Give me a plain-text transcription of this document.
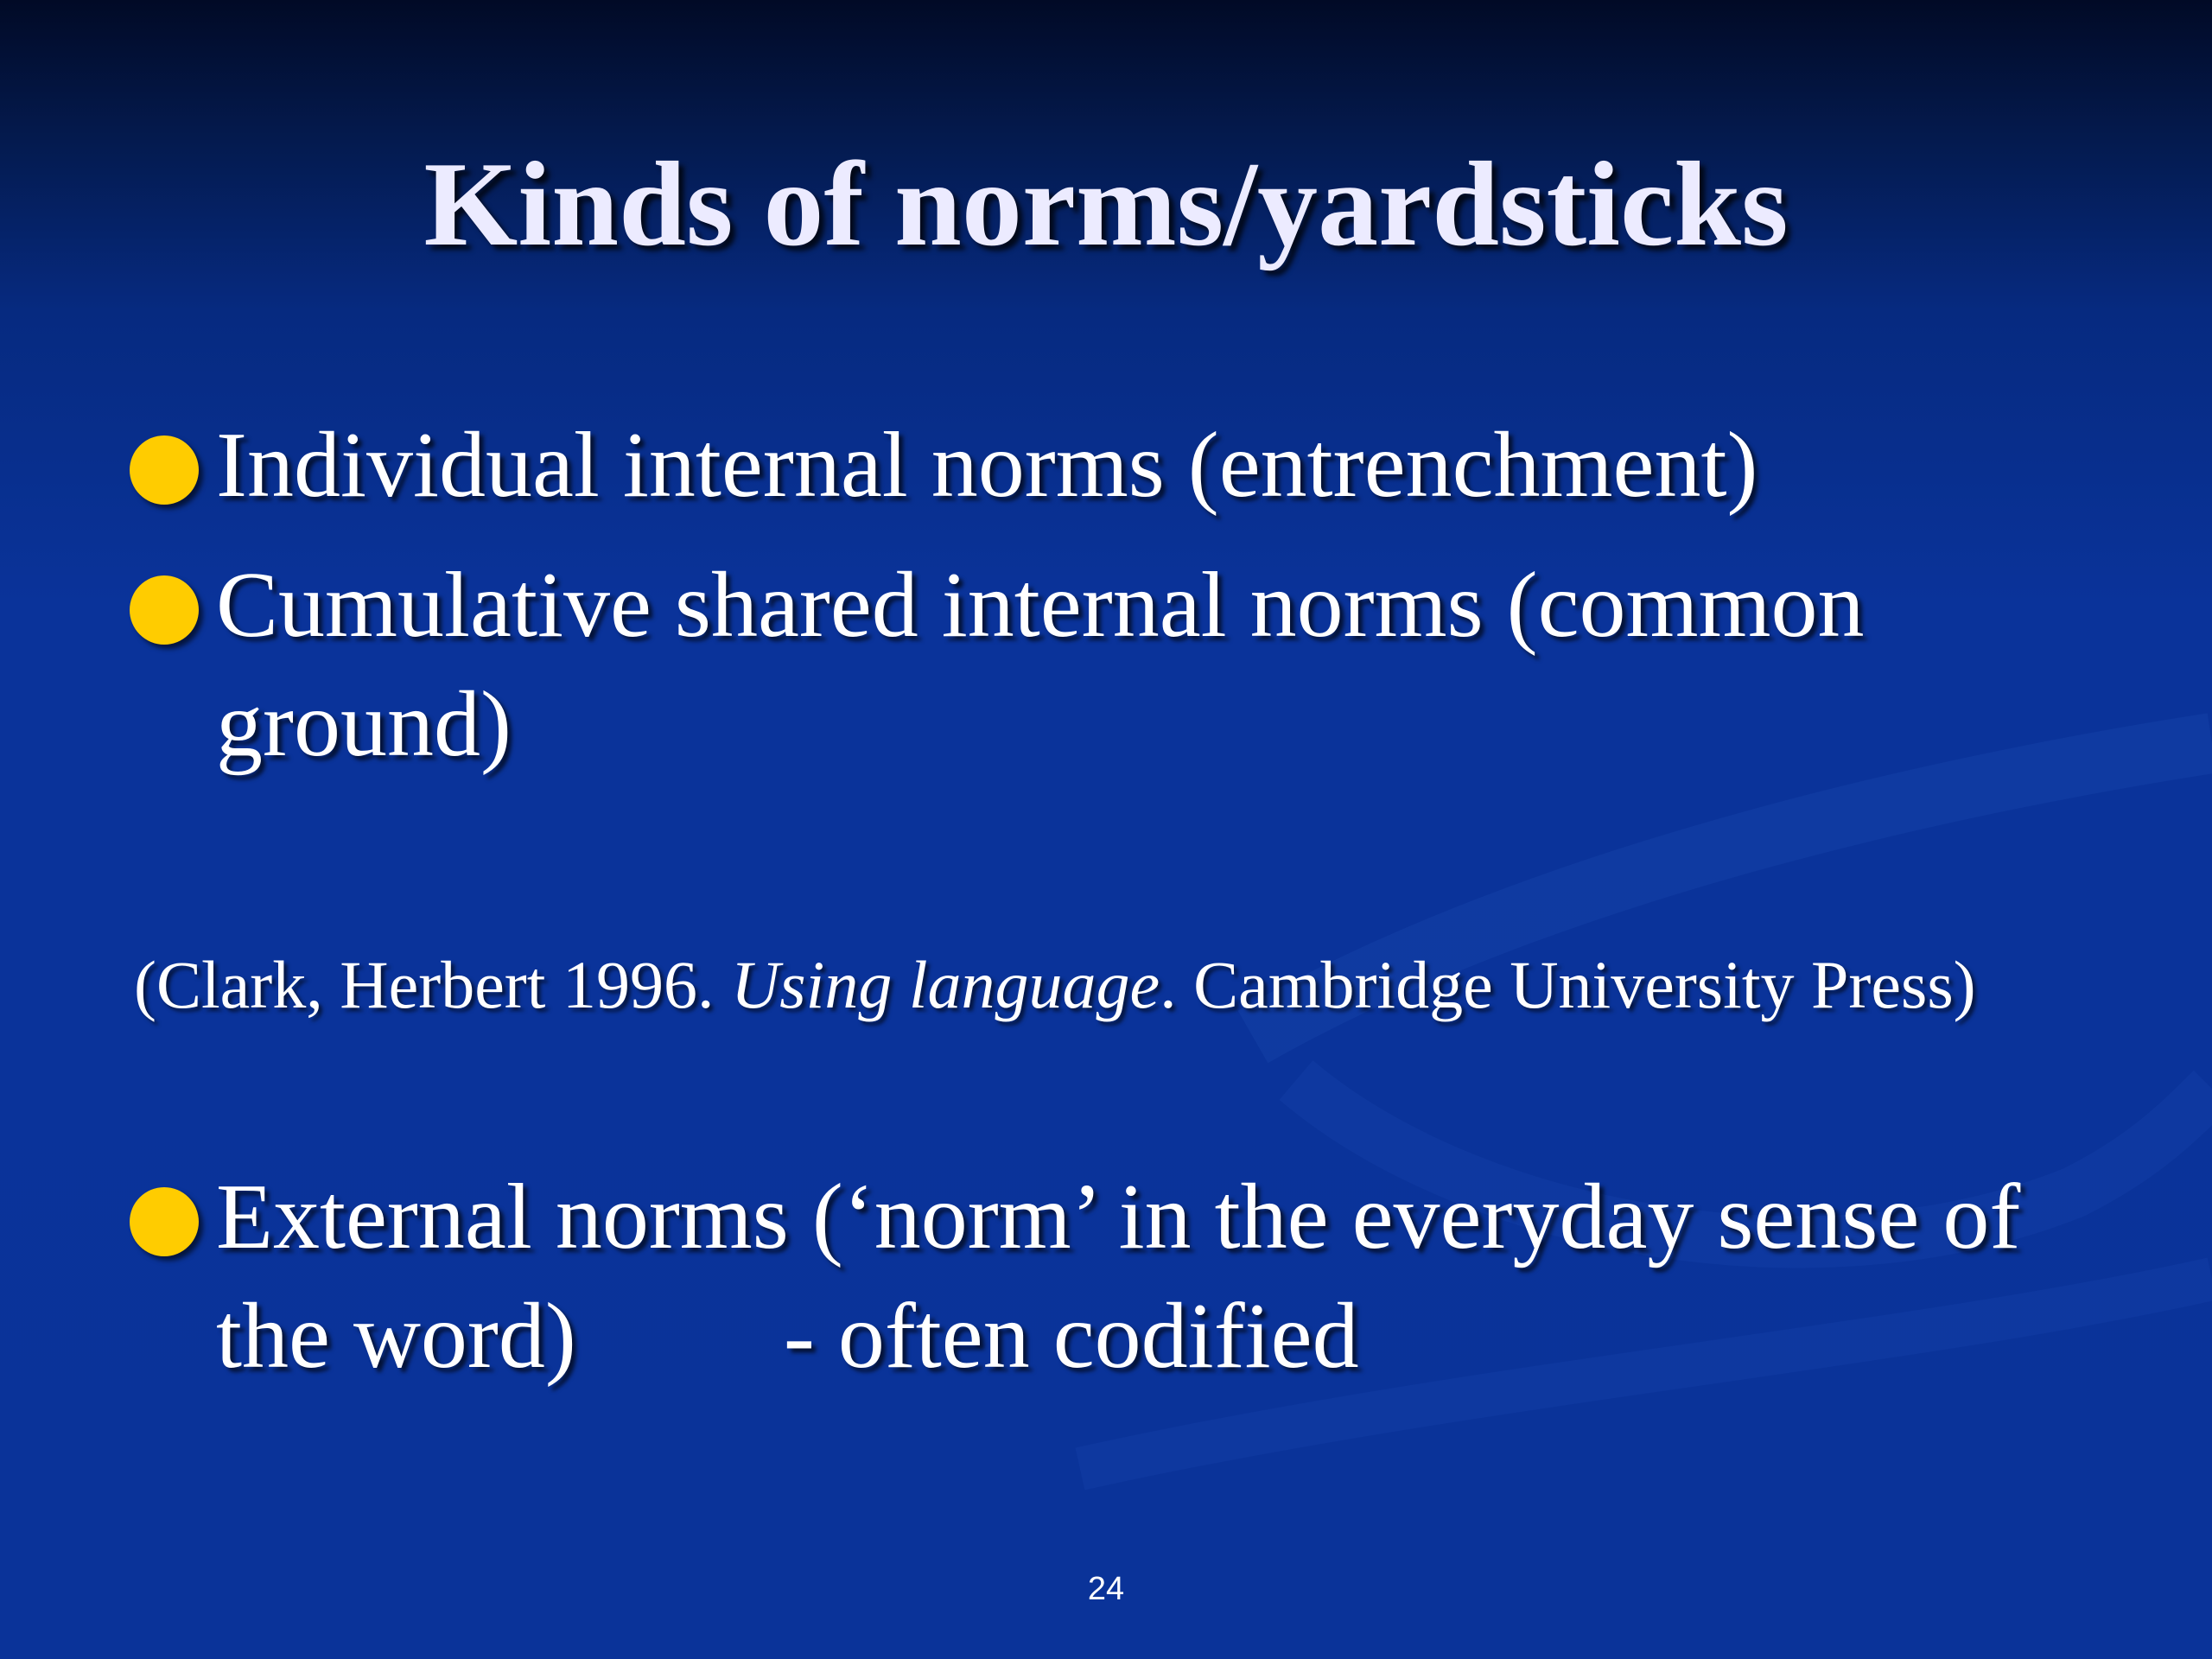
Kinds of norms/yardsticks
Individual internal norms (entrenchment)
Cumulative shared internal norms (common ground)
(Clark, Herbert 1996. Using language. Cambridge University Press)
External norms (‘norm’ in the everyday sense of the word) - often codified
24
